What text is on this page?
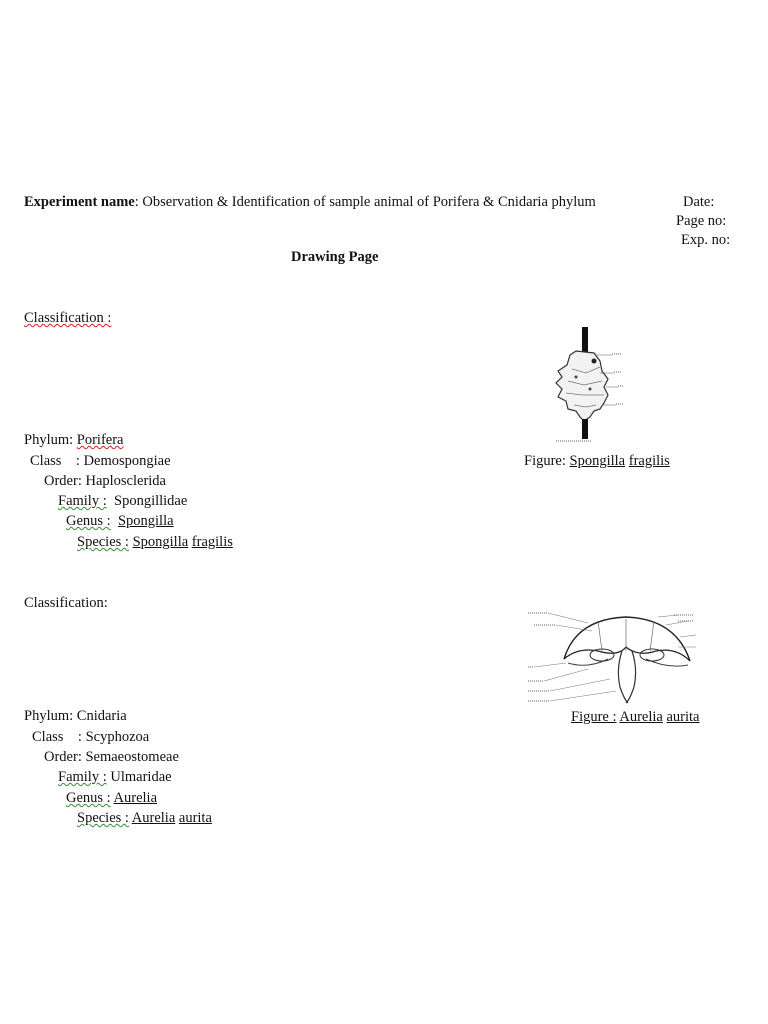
Experiment name: Observation & Identification of sample animal of Porifera & Cnidaria phylum	Date:
Page no:
Exp. no:
Drawing Page
Classification :
Phylum: Porifera
Class    : Demospongiae
Order: Haplosclerida
Family :  Spongillidae
Genus : Spongilla
Species : Spongilla fragilis
Figure: Spongilla fragilis
Classification:
Phylum: Cnidaria
Class    : Scyphozoa
Order: Semaeostomeae
Family : Ulmaridae
Genus : Aurelia
Species : Aurelia aurita
Figure : Aurelia aurita
